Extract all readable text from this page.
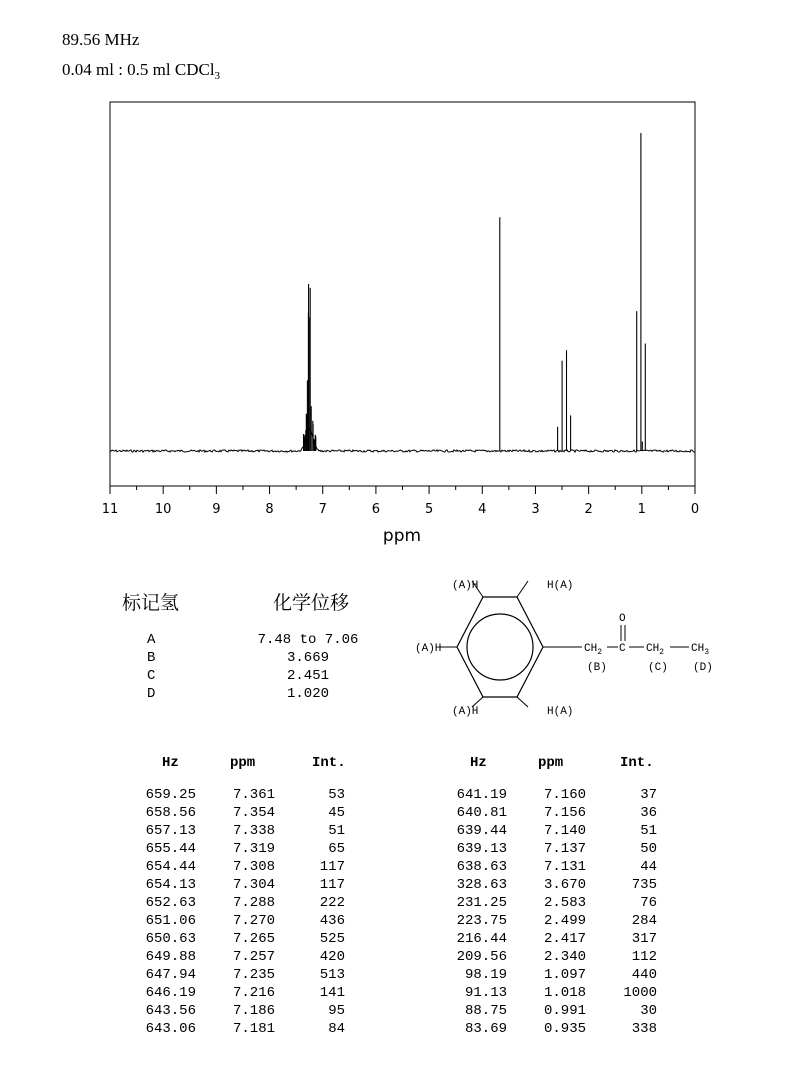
89.56 MHz
0.04 ml : 0.5 ml CDCl$_3$
11	10	9	8	7	6	5	4	3	2	1	0
ppm
标记氢	化学位移
A	7.48 to 7.06
B	3.669
C	2.451
D	1.020
(A)H	H(A)
(A)H
(A)H	H(A)
$CH_2$ C
O
$CH_2$ $CH_3$
(B)	(C) (D)
Hz	ppm	Int.
659.25	7.361	53
658.56	7.354	45
657.13	7.338	51
655.44	7.319	65
654.44	7.308	117
654.13	7.304	117
652.63	7.288	222
651.06	7.270	436
650.63	7.265	525
649.88	7.257	420
647.94	7.235	513
646.19	7.216	141
643.56	7.186	95
643.06	7.181	84
Hz	ppm	Int.
641.19	7.160	37
640.81	7.156	36
639.44	7.140	51
639.13	7.137	50
638.63	7.131	44
328.63	3.670	735
231.25	2.583	76
223.75	2.499	284
216.44	2.417	317
209.56	2.340	112
98.19	1.097	440
91.13	1.018	1000
88.75	0.991	30
83.69	0.935	338
